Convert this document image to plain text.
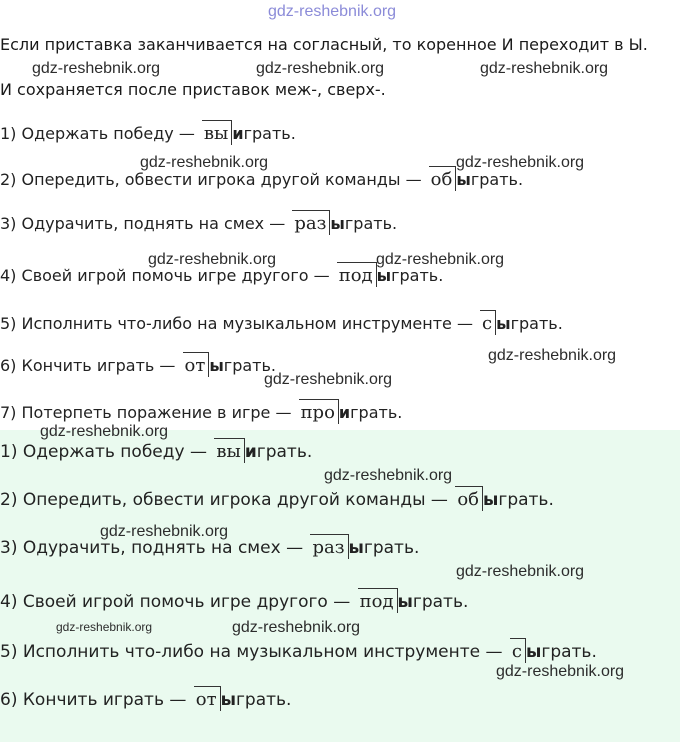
gdz-reshebnik.org
Если приставка заканчивается на согласный, то коренное И переходит в Ы.
И сохраняется после приставок меж-, сверх-.
gdz-reshebnik.org	gdz-reshebnik.org	gdz-reshebnik.org
1) Одержать победу — вы играть.
2) Опередить, обвести игрока другой команды — об ыграть.
3) Одурачить, поднять на смех — раз ыграть.
4) Своей игрой помочь игре другого — под ыграть.
5) Исполнить что-либо на музыкальном инструменте — с ыграть.
6) Кончить играть — от ыграть.
7) Потерпеть поражение в игре — про играть.
gdz-reshebnik.org	gdz-reshebnik.org
gdz-reshebnik.org	gdz-reshebnik.org
gdz-reshebnik.org
gdz-reshebnik.org
1) Одержать победу — вы играть.
2) Опередить, обвести игрока другой команды — об ыграть.
3) Одурачить, поднять на смех — раз ыграть.
4) Своей игрой помочь игре другого — под ыграть.
5) Исполнить что-либо на музыкальном инструменте — с ыграть.
6) Кончить играть — от ыграть.
gdz-reshebnik.org
gdz-reshebnik.org
gdz-reshebnik.org
gdz-reshebnik.org
gdz-reshebnik.org	gdz-reshebnik.org
gdz-reshebnik.org
